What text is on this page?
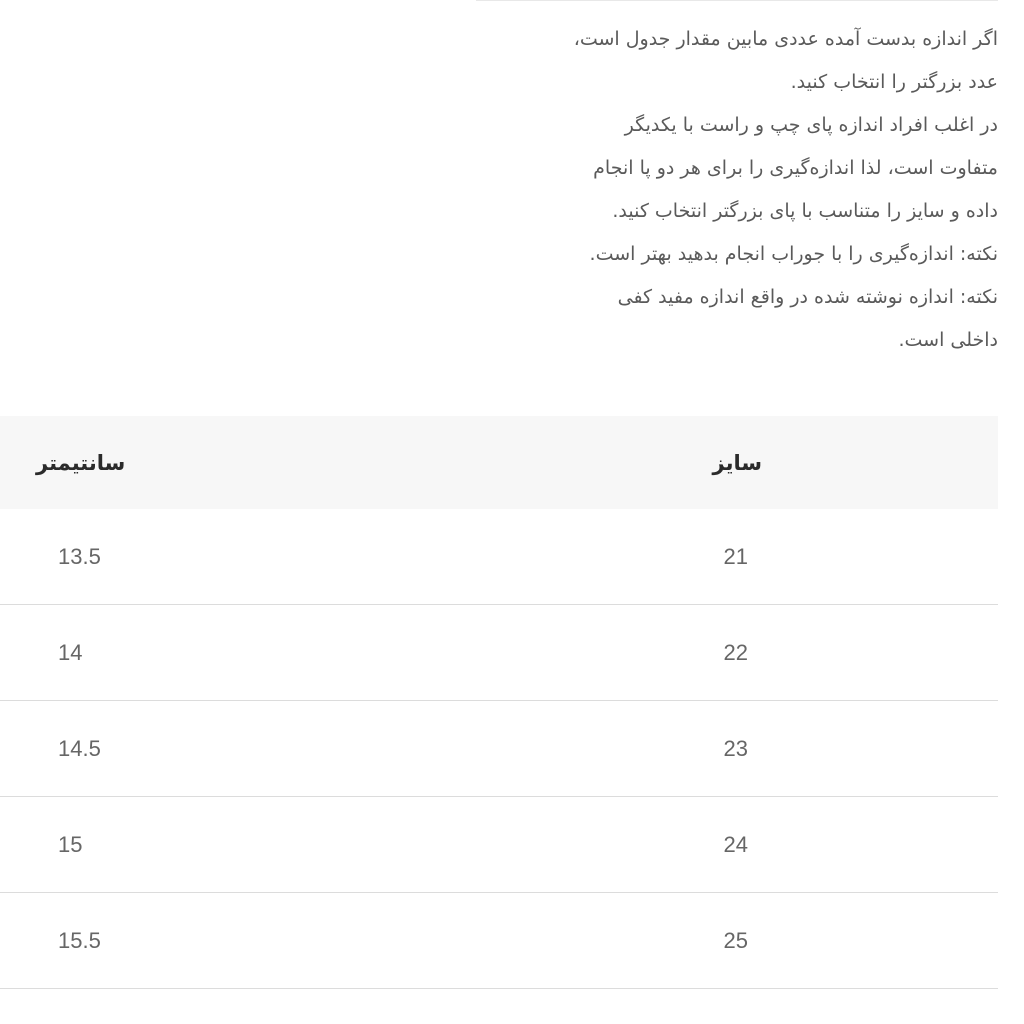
اگر اندازه بدست آمده عددی مابین مقدار جدول است،

عدد بزرگتر را انتخاب کنید.

در اغلب افراد اندازه پای چپ و راست با یکدیگر

متفاوت است، لذا اندازه‌گیری را برای هر دو پا انجام

داده و سایز را متناسب با پای بزرگتر انتخاب کنید.

نکته: اندازه‌گیری را با جوراب انجام بدهید بهتر است.

نکته: اندازه نوشته شده در واقع اندازه مفید کفی

داخلی است.

سایز	سانتیمتر
21	13.5
22	14
23	14.5
24	15
25	15.5
